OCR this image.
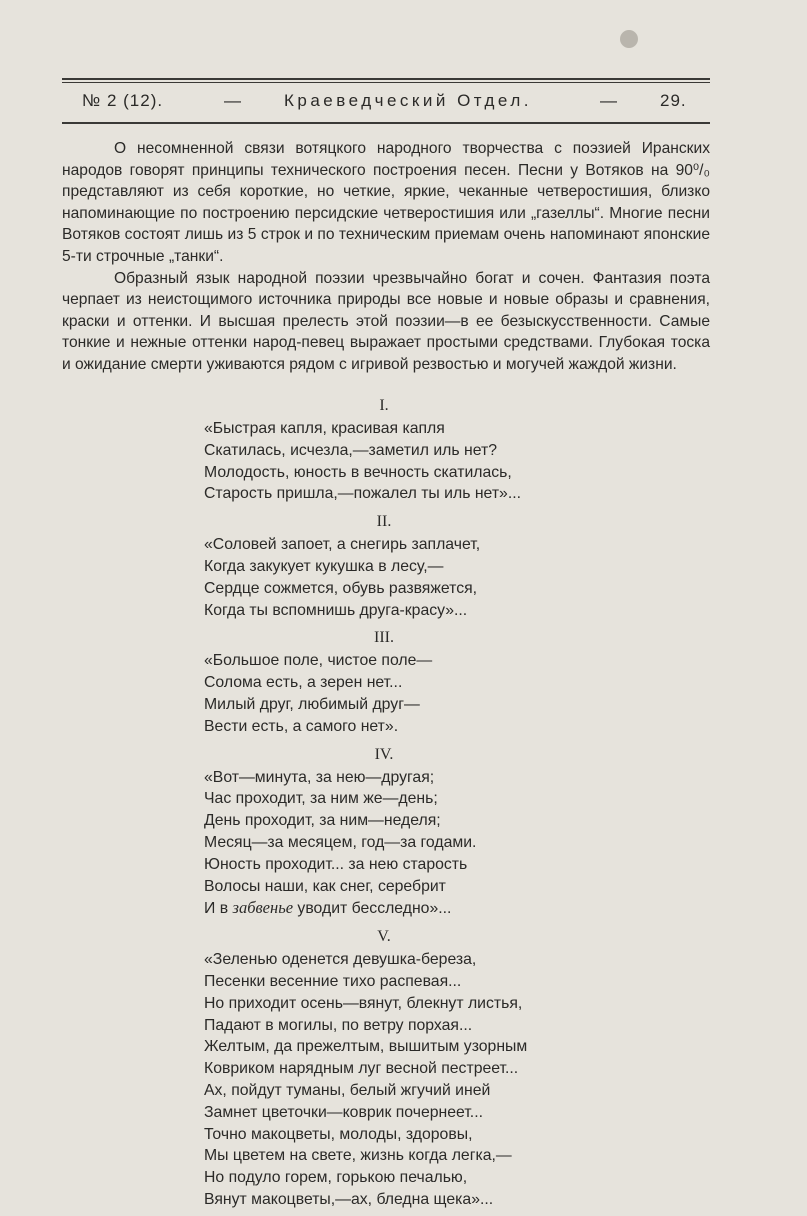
№ 2 (12).	— Краеведческий Отдел.	— 29.

О несомненной связи вотяцкого народного творчества с поэзией Иранских народов говорят принципы технического построения песен. Песни у Вотяков на 90⁰/₀ представляют из себя короткие, но четкие, яркие, чеканные четверостишия, близко напоминающие по построению персидские четверостишия или „газеллы“. Многие песни Вотяков состоят лишь из 5 строк и по техническим приемам очень напоминают японские 5-ти строчные „танки“.

Образный язык народной поэзии чрезвычайно богат и сочен. Фантазия поэта черпает из неистощимого источника природы все новые и новые образы и сравнения, краски и оттенки. И высшая прелесть этой поэзии—в ее безыскусственности. Самые тонкие и нежные оттенки народ-певец выражает простыми средствами. Глубокая тоска и ожидание смерти уживаются рядом с игривой резвостью и могучей жаждой жизни.

I.
«Быстрая капля, красивая капля
Скатилась, исчезла,—заметил иль нет?
Молодость, юность в вечность скатилась,
Старость пришла,—пожалел ты иль нет»...
II.
«Соловей запоет, а снегирь заплачет,
Когда закукует кукушка в лесу,—
Сердце сожмется, обувь развяжется,
Когда ты вспомнишь друга-красу»...
III.
«Большое поле, чистое поле—
Солома есть, а зерен нет...
Милый друг, любимый друг—
Вести есть, а самого нет».
IV.
«Вот—минута, за нею—другая;
Час проходит, за ним же—день;
День проходит, за ним—неделя;
Месяц—за месяцем, год—за годами.
Юность проходит... за нею старость
Волосы наши, как снег, серебрит
И в забвенье уводит бесследно»...
V.
«Зеленью оденется девушка-береза,
Песенки весенние тихо распевая...
Но приходит осень—вянут, блекнут листья,
Падают в могилы, по ветру порхая...
Желтым, да прежелтым, вышитым узорным
Ковриком нарядным луг весной пестреет...
Ах, пойдут туманы, белый жгучий иней
Замнет цветочки—коврик почернеет...
Точно макоцветы, молоды, здоровы,
Мы цветем на свете, жизнь когда легка,—
Но подуло горем, горькою печалью,
Вянут макоцветы,—ах, бледна щека»...
